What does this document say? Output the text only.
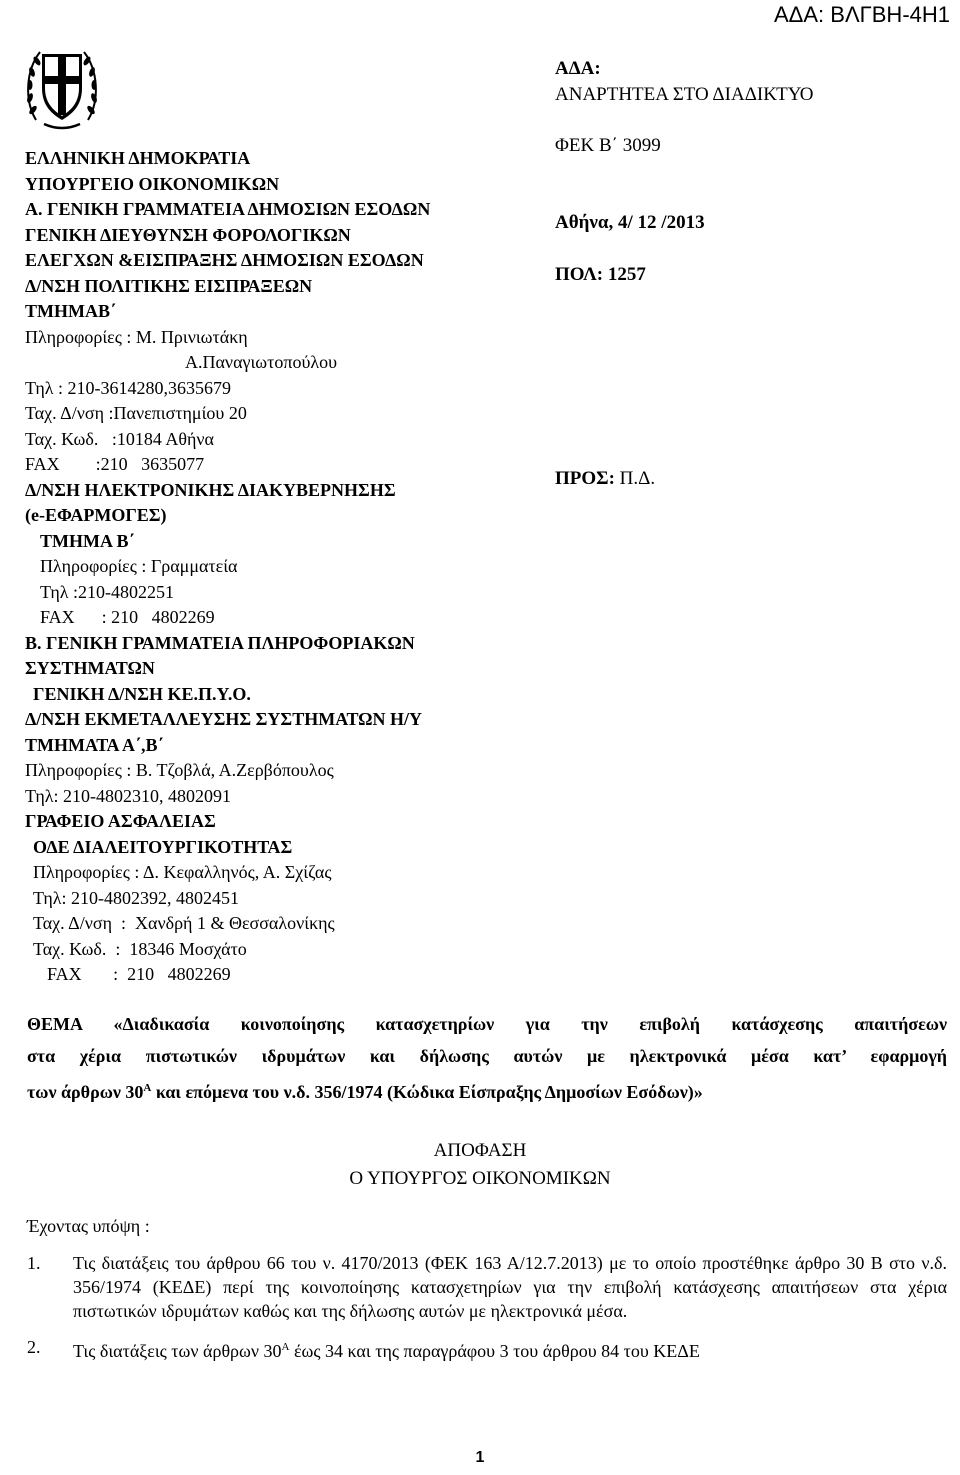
ΑΔΑ: ΒΛΓΒΗ-4Η1
ΕΛΛΗΝΙΚΗ ΔΗΜΟΚΡΑΤΙΑ
ΥΠΟΥΡΓΕΙΟ ΟΙΚΟΝΟΜΙΚΩΝ
Α. ΓΕΝΙΚΗ ΓΡΑΜΜΑΤΕΙΑ ΔΗΜΟΣΙΩΝ ΕΣΟΔΩΝ
ΓΕΝΙΚΗ ΔΙΕΥΘΥΝΣΗ ΦΟΡΟΛΟΓΙΚΩΝ
ΕΛΕΓΧΩΝ &ΕΙΣΠΡΑΞΗΣ ΔΗΜΟΣΙΩΝ ΕΣΟΔΩΝ
Δ/ΝΣΗ ΠΟΛΙΤΙΚΗΣ ΕΙΣΠΡΑΞΕΩΝ
ΤΜΗΜΑΒ΄
Πληροφορίες : Μ. Πρινιωτάκη
Α.Παναγιωτοπούλου
Τηλ : 210-3614280,3635679
Ταχ. Δ/νση :Πανεπιστημίου 20
Ταχ. Κωδ.   :10184 Αθήνα
FAX        :210   3635077
Δ/ΝΣΗ ΗΛΕΚΤΡΟΝΙΚΗΣ ΔΙΑΚΥΒΕΡΝΗΣΗΣ
(e-ΕΦΑΡΜΟΓΕΣ)
ΤΜΗΜΑ Β΄
Πληροφορίες : Γραμματεία
Τηλ :210-4802251
FAX      : 210   4802269
Β. ΓΕΝΙΚΗ ΓΡΑΜΜΑΤΕΙΑ ΠΛΗΡΟΦΟΡΙΑΚΩΝ
ΣΥΣΤΗΜΑΤΩΝ
ΓΕΝΙΚΗ Δ/ΝΣΗ ΚΕ.Π.Υ.Ο.
Δ/ΝΣΗ ΕΚΜΕΤΑΛΛΕΥΣΗΣ ΣΥΣΤΗΜΑΤΩΝ Η/Υ
ΤΜΗΜΑΤΑ Α΄,Β΄
Πληροφορίες : Β. Τζοβλά, Α.Ζερβόπουλος
Τηλ: 210-4802310, 4802091
ΓΡΑΦΕΙΟ ΑΣΦΑΛΕΙΑΣ
ΟΔΕ ΔΙΑΛΕΙΤΟΥΡΓΙΚΟΤΗΤΑΣ
Πληροφορίες : Δ. Κεφαλληνός, Α. Σχίζας
Τηλ: 210-4802392, 4802451
Ταχ. Δ/νση  :  Χανδρή 1 & Θεσσαλονίκης
Ταχ. Κωδ.  :  18346 Μοσχάτο
FAX       :  210   4802269
ΑΔΑ:
ΑΝΑΡΤΗΤΕΑ ΣΤΟ ΔΙΑΔΙΚΤΥΟ
ΦΕΚ Β΄ 3099
Αθήνα, 4/ 12 /2013
ΠΟΛ: 1257
ΠΡΟΣ: Π.Δ.
ΘΕΜΑ «Διαδικασία κοινοποίησης κατασχετηρίων για την επιβολή κατάσχεσης απαιτήσεων
στα χέρια πιστωτικών ιδρυμάτων και δήλωσης αυτών με ηλεκτρονικά μέσα κατ’ εφαρμογή
των άρθρων $30^A$ και επόμενα του ν.δ. 356/1974 (Κώδικα Είσπραξης Δημοσίων Εσόδων)»
ΑΠΟΦΑΣΗ
Ο ΥΠΟΥΡΓΟΣ ΟΙΚΟΝΟΜΙΚΩΝ
Έχοντας υπόψη :
1.	Τις διατάξεις του άρθρου 66 του ν. 4170/2013 (ΦΕΚ 163 Α/12.7.2013) με το οποίο προστέθηκε άρθρο 30 Β στο ν.δ. 356/1974 (ΚΕΔΕ) περί της κοινοποίησης κατασχετηρίων για την επιβολή κατάσχεσης απαιτήσεων στα χέρια πιστωτικών ιδρυμάτων καθώς και της δήλωσης αυτών με ηλεκτρονικά μέσα.
2.	Τις διατάξεις των άρθρων $30^A$ έως 34 και της παραγράφου 3 του άρθρου 84 του ΚΕΔΕ
1
